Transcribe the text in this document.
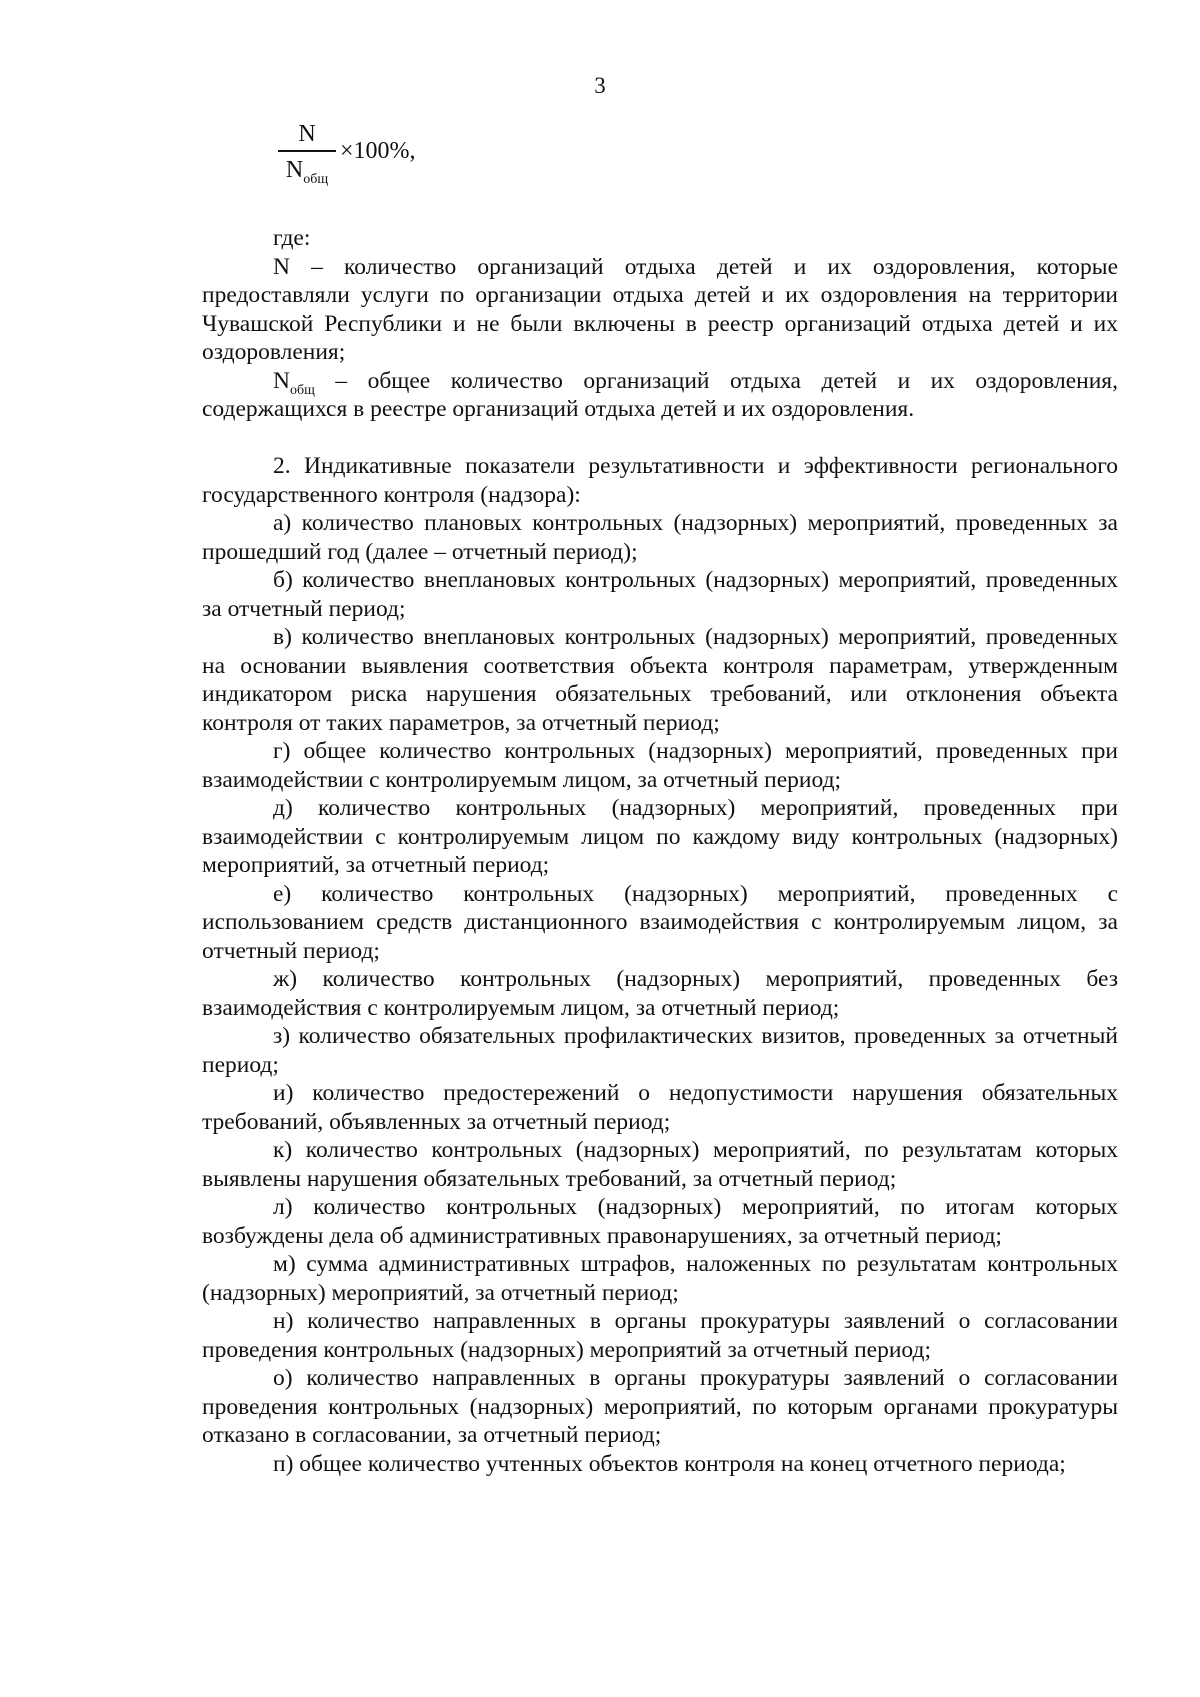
3
N
$N_{общ}$
×100%,

где:

N – количество организаций отдыха детей и их оздоровления, которые предоставляли услуги по организации отдыха детей и их оздоровления на территории Чувашской Республики и не были включены в реестр организаций отдыха детей и их оздоровления;

$N_{общ}$ – общее количество организаций отдыха детей и их оздоровления, содержащихся в реестре организаций отдыха детей и их оздоровления.

2. Индикативные показатели результативности и эффективности регионального государственного контроля (надзора):

а) количество плановых контрольных (надзорных) мероприятий, проведенных за прошедший год (далее – отчетный период);

б) количество внеплановых контрольных (надзорных) мероприятий, проведенных за отчетный период;

в) количество внеплановых контрольных (надзорных) мероприятий, проведенных на основании выявления соответствия объекта контроля параметрам, утвержденным индикатором риска нарушения обязательных требований, или отклонения объекта контроля от таких параметров, за отчетный период;

г) общее количество контрольных (надзорных) мероприятий, проведенных при взаимодействии с контролируемым лицом, за отчетный период;

д) количество контрольных (надзорных) мероприятий, проведенных при взаимодействии с контролируемым лицом по каждому виду контрольных (надзорных) мероприятий, за отчетный период;

е) количество контрольных (надзорных) мероприятий, проведенных с использованием средств дистанционного взаимодействия с контролируемым лицом, за отчетный период;

ж) количество контрольных (надзорных) мероприятий, проведенных без взаимодействия с контролируемым лицом, за отчетный период;

з) количество обязательных профилактических визитов, проведенных за отчетный период;

и) количество предостережений о недопустимости нарушения обязательных требований, объявленных за отчетный период;

к) количество контрольных (надзорных) мероприятий, по результатам которых выявлены нарушения обязательных требований, за отчетный период;

л) количество контрольных (надзорных) мероприятий, по итогам которых возбуждены дела об административных правонарушениях, за отчетный период;

м) сумма административных штрафов, наложенных по результатам контрольных (надзорных) мероприятий, за отчетный период;

н) количество направленных в органы прокуратуры заявлений о согласовании проведения контрольных (надзорных) мероприятий за отчетный период;

о) количество направленных в органы прокуратуры заявлений о согласовании проведения контрольных (надзорных) мероприятий, по которым органами прокуратуры отказано в согласовании, за отчетный период;

п) общее количество учтенных объектов контроля на конец отчетного периода;
